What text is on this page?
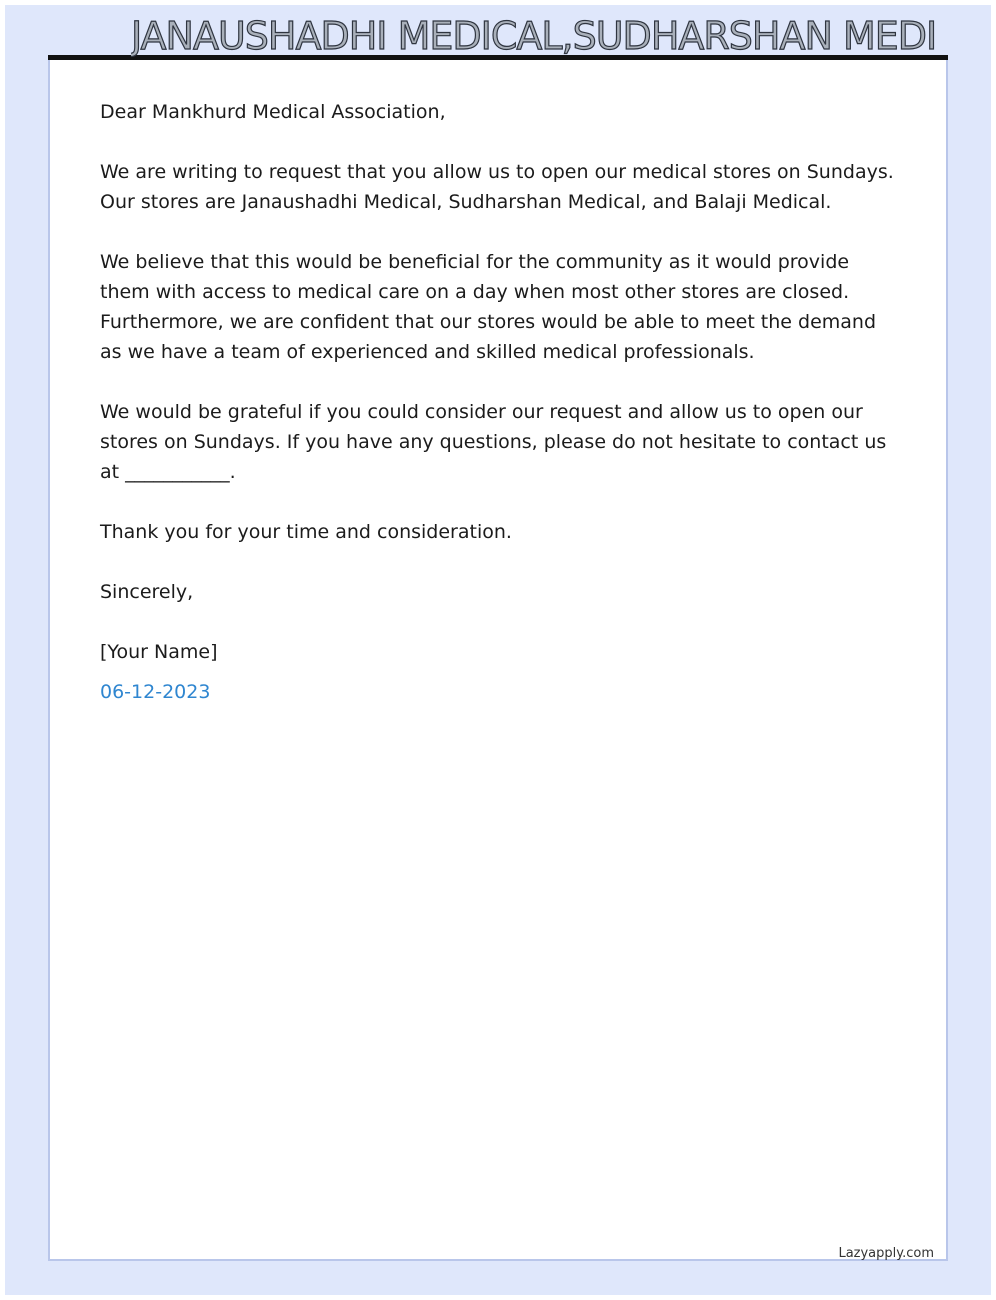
JANAUSHADHI MEDICAL,SUDHARSHAN MEDI

Dear Mankhurd Medical Association,

We are writing to request that you allow us to open our medical stores on Sundays. Our stores are Janaushadhi Medical, Sudharshan Medical, and Balaji Medical.

We believe that this would be beneficial for the community as it would provide them with access to medical care on a day when most other stores are closed. Furthermore, we are confident that our stores would be able to meet the demand as we have a team of experienced and skilled medical professionals.

We would be grateful if you could consider our request and allow us to open our stores on Sundays. If you have any questions, please do not hesitate to contact us at ___________.

Thank you for your time and consideration.

Sincerely,

[Your Name]

06-12-2023

Lazyapply.com
